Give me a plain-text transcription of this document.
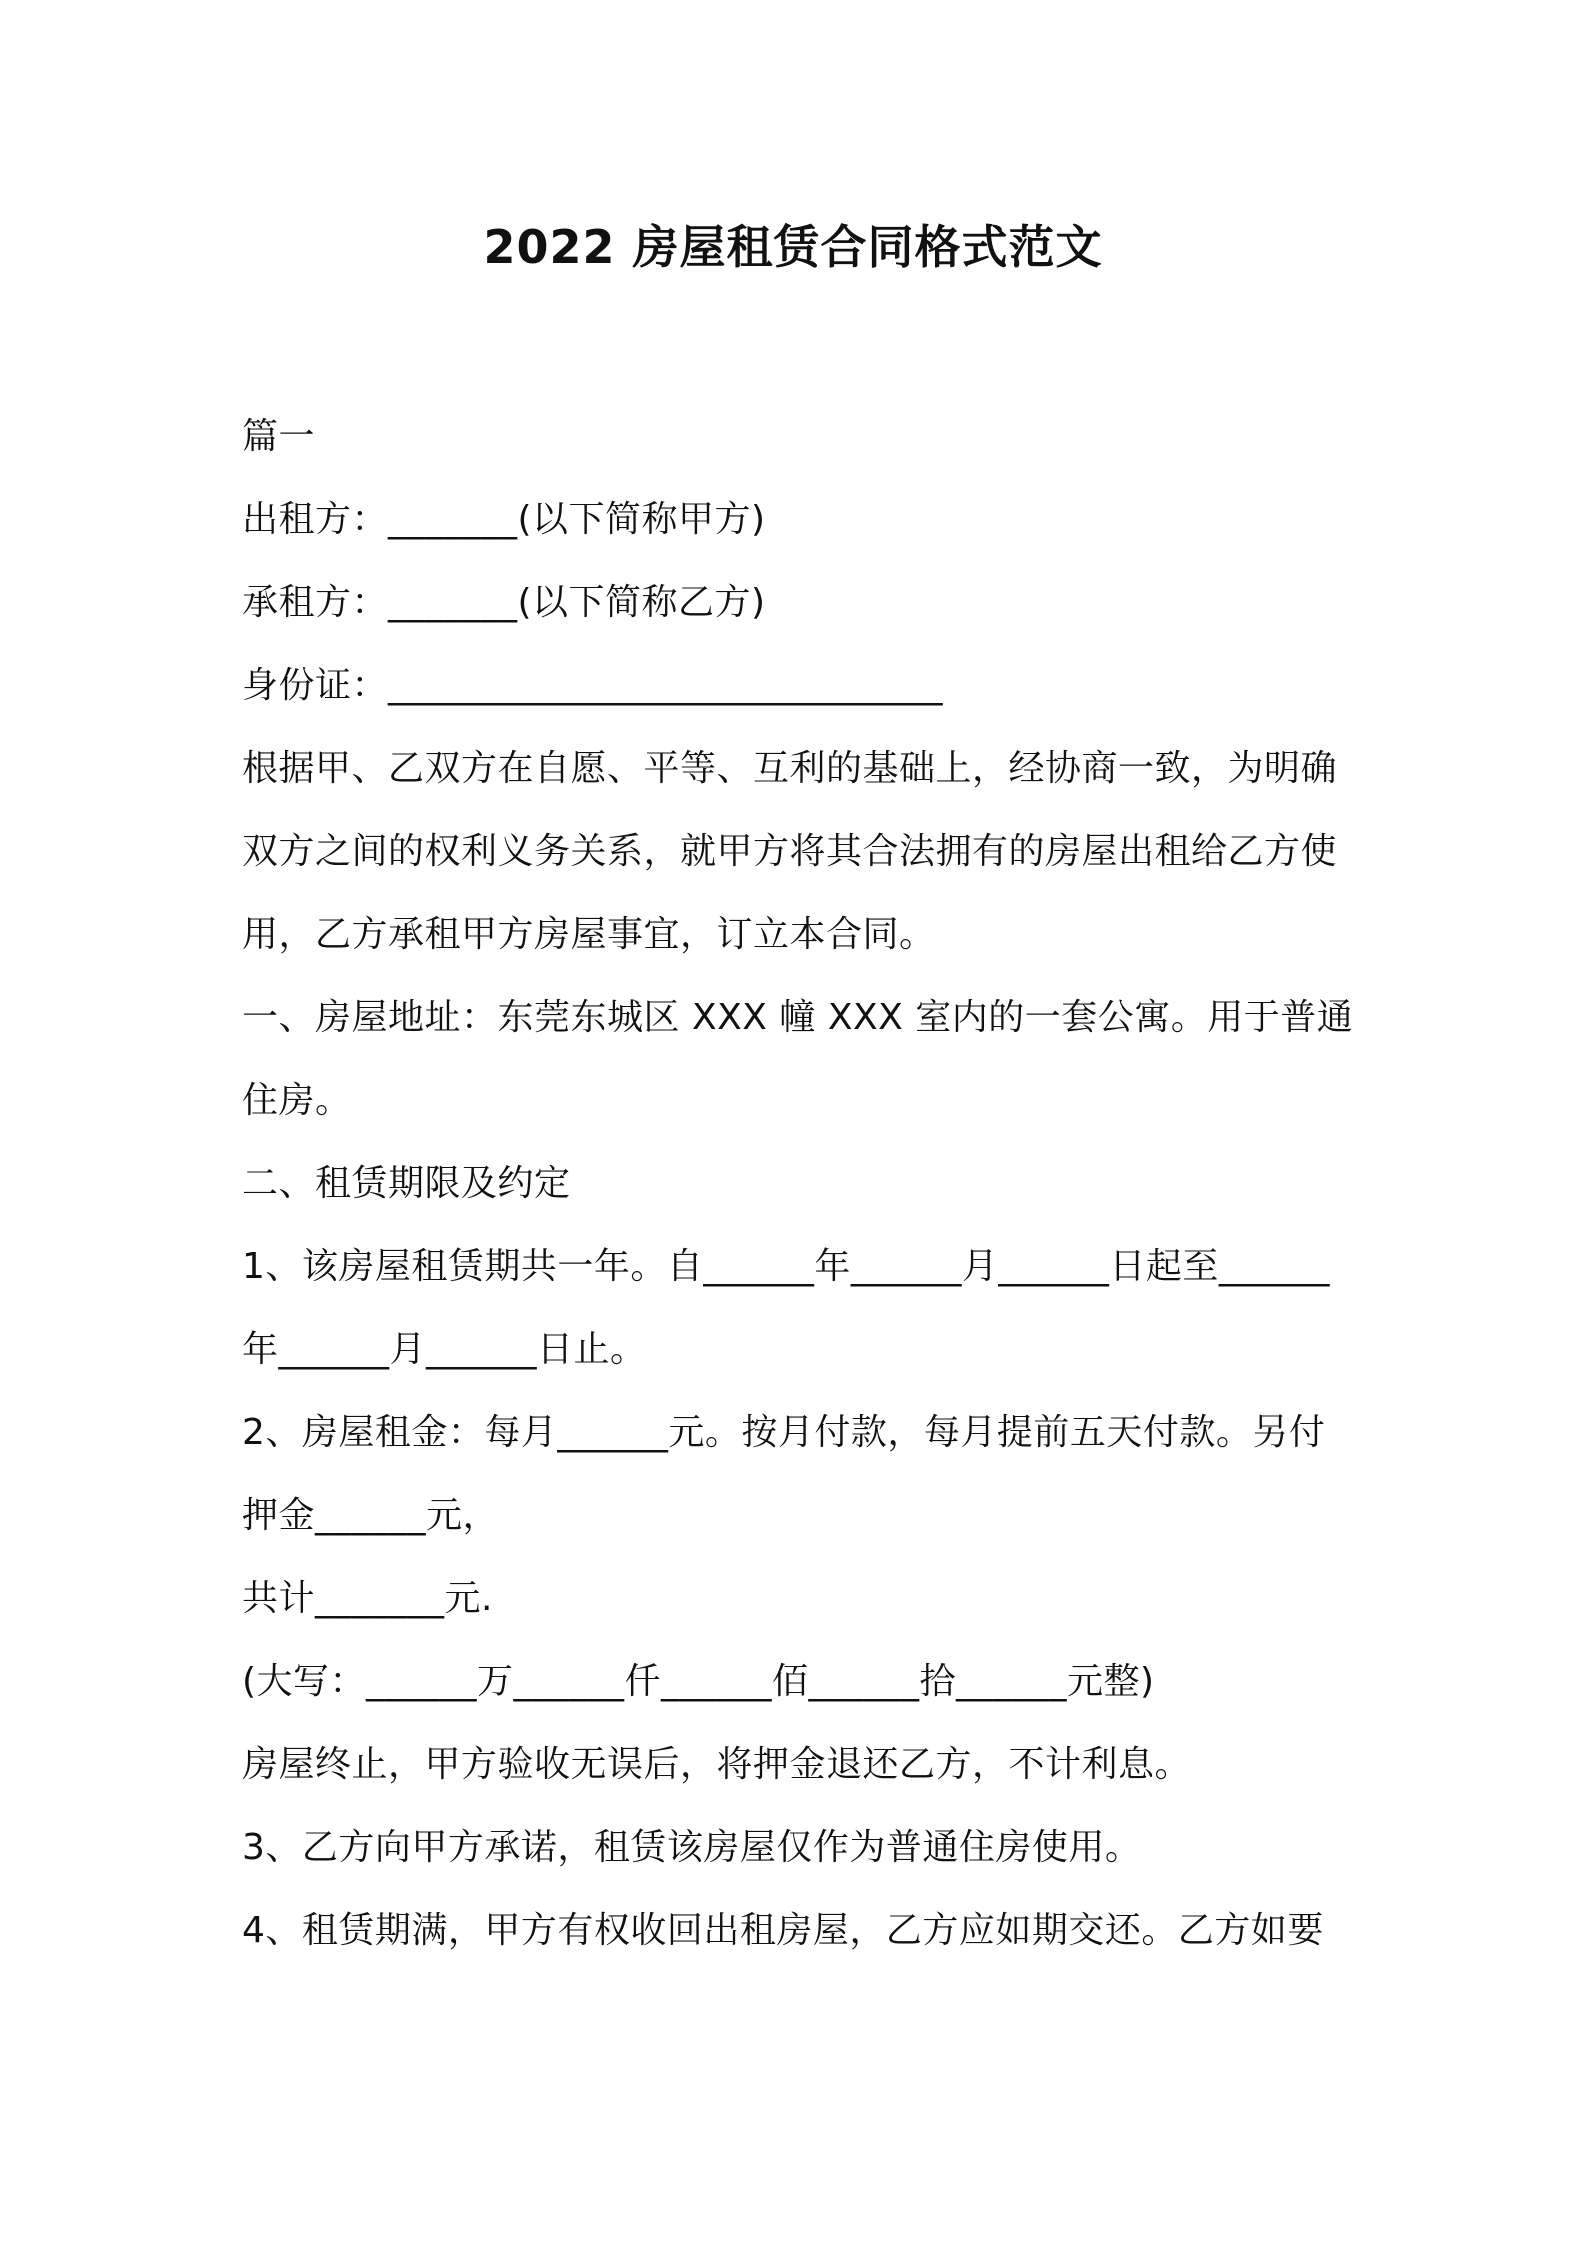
2022 房屋租赁合同格式范文
篇一
出租方：_______(以下简称甲方)
承租方：_______(以下简称乙方)
身份证：______________________________
根据甲、乙双方在自愿、平等、互利的基础上，经协商一致，为明确
双方之间的权利义务关系，就甲方将其合法拥有的房屋出租给乙方使
用，乙方承租甲方房屋事宜，订立本合同。
一、房屋地址：东莞东城区 XXX 幢 XXX 室内的一套公寓。用于普通
住房。
二、租赁期限及约定
1、该房屋租赁期共一年。自______年______月______日起至______
年______月______日止。
2、房屋租金：每月______元。按月付款，每月提前五天付款。另付
押金______元，
共计_______元.
(大写：______万______仟______佰______拾______元整)
房屋终止，甲方验收无误后，将押金退还乙方，不计利息。
3、乙方向甲方承诺，租赁该房屋仅作为普通住房使用。
4、租赁期满，甲方有权收回出租房屋，乙方应如期交还。乙方如要
